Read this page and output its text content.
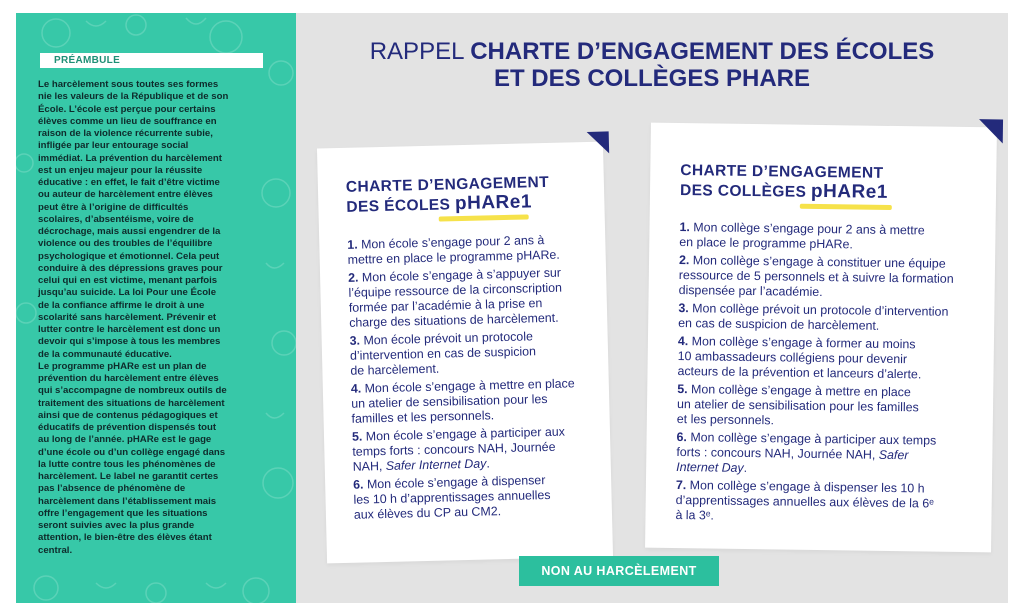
PRÉAMBULE
Le harcèlement sous toutes ses formes
nie les valeurs de la République et de son
École. L’école est perçue pour certains
élèves comme un lieu de souffrance en
raison de la violence récurrente subie,
infligée par leur entourage social
immédiat. La prévention du harcèlement
est un enjeu majeur pour la réussite
éducative : en effet, le fait d’être victime
ou auteur de harcèlement entre élèves
peut être à l’origine de difficultés
scolaires, d’absentéisme, voire de
décrochage, mais aussi engendrer de la
violence ou des troubles de l’équilibre
psychologique et émotionnel. Cela peut
conduire à des dépressions graves pour
celui qui en est victime, menant parfois
jusqu’au suicide. La loi Pour une École
de la confiance affirme le droit à une
scolarité sans harcèlement. Prévenir et
lutter contre le harcèlement est donc un
devoir qui s’impose à tous les membres
de la communauté éducative.
Le programme pHARe est un plan de
prévention du harcèlement entre élèves
qui s’accompagne de nombreux outils de
traitement des situations de harcèlement
ainsi que de contenus pédagogiques et
éducatifs de prévention dispensés tout
au long de l’année. pHARe est le gage
d’une école ou d’un collège engagé dans
la lutte contre tous les phénomènes de
harcèlement. Le label ne garantit certes
pas l’absence de phénomène de
harcèlement dans l’établissement mais
offre l’engagement que les situations
seront suivies avec la plus grande
attention, le bien-être des élèves étant
central.
RAPPEL CHARTE D’ENGAGEMENT DES ÉCOLES
ET DES COLLÈGES PHARE
CHARTE D’ENGAGEMENT
DES ÉCOLES pHARe1
1. Mon école s’engage pour 2 ans à
mettre en place le programme pHARe.
2. Mon école s’engage à s’appuyer sur
l’équipe ressource de la circonscription
formée par l’académie à la prise en
charge des situations de harcèlement.
3. Mon école prévoit un protocole
d’intervention en cas de suspicion
de harcèlement.
4. Mon école s’engage à mettre en place
un atelier de sensibilisation pour les
familles et les personnels.
5. Mon école s’engage à participer aux
temps forts : concours NAH, Journée
NAH, Safer Internet Day.
6. Mon école s’engage à dispenser
les 10 h d’apprentissages annuelles
aux élèves du CP au CM2.
CHARTE D’ENGAGEMENT
DES COLLÈGES pHARe1
1. Mon collège s’engage pour 2 ans à mettre
en place le programme pHARe.
2. Mon collège s’engage à constituer une équipe
ressource de 5 personnels et à suivre la formation
dispensée par l’académie.
3. Mon collège prévoit un protocole d’intervention
en cas de suspicion de harcèlement.
4. Mon collège s’engage à former au moins
10 ambassadeurs collégiens pour devenir
acteurs de la prévention et lanceurs d’alerte.
5. Mon collège s’engage à mettre en place
un atelier de sensibilisation pour les familles
et les personnels.
6. Mon collège s’engage à participer aux temps
forts : concours NAH, Journée NAH, Safer
Internet Day.
7. Mon collège s’engage à dispenser les 10 h
d’apprentissages annuelles aux élèves de la 6ᵉ
à la 3ᵉ.
NON AU HARCÈLEMENT
